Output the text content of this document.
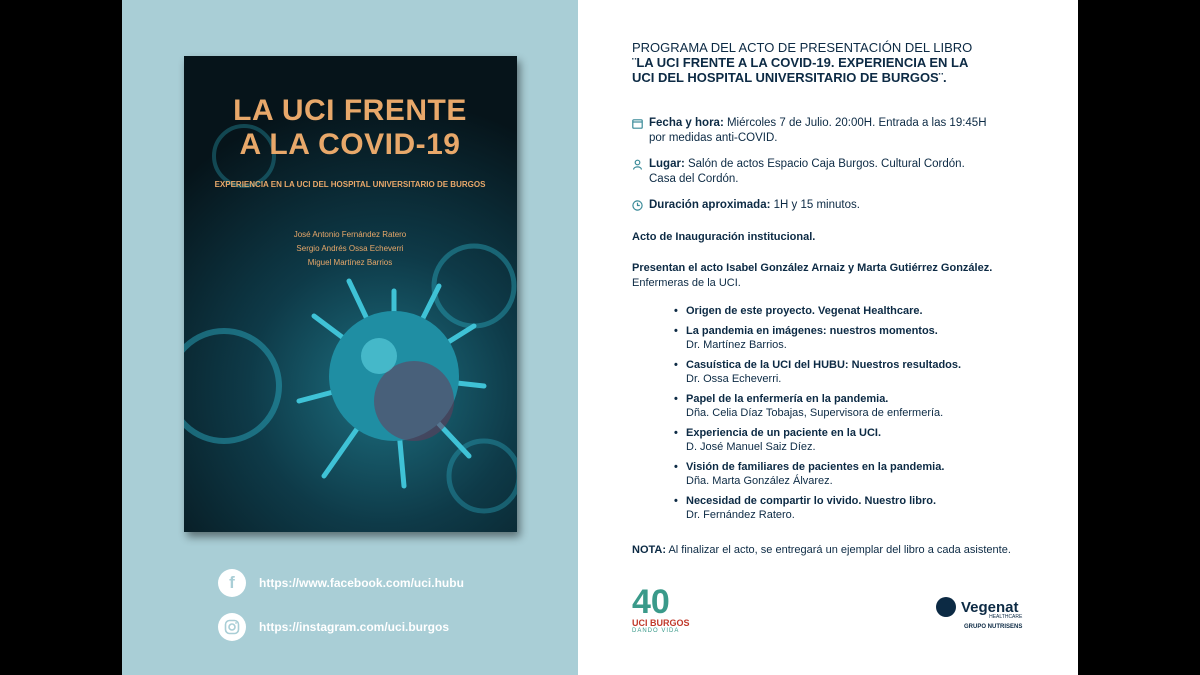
LA UCI FRENTE
A LA COVID-19
EXPERIENCIA EN LA UCI DEL HOSPITAL UNIVERSITARIO DE BURGOS
José Antonio Fernández Ratero
Sergio Andrés Ossa Echeverri
Miguel Martínez Barrios
f	https://www.facebook.com/uci.hubu
https://instagram.com/uci.burgos
PROGRAMA DEL ACTO DE PRESENTACIÓN DEL LIBRO
¨LA UCI FRENTE A LA COVID-19. EXPERIENCIA EN LA
UCI DEL HOSPITAL UNIVERSITARIO DE BURGOS¨.
Fecha y hora: Miércoles 7 de Julio. 20:00H. Entrada a las 19:45H
por medidas anti-COVID.
Lugar: Salón de actos Espacio Caja Burgos. Cultural Cordón.
Casa del Cordón.
Duración aproximada: 1H y 15 minutos.
Acto de Inauguración institucional.
Presentan el acto Isabel González Arnaiz y Marta Gutiérrez González.
Enfermeras de la UCI.
• Origen de este proyecto. Vegenat Healthcare.
• La pandemia en imágenes: nuestros momentos.
Dr. Martínez Barrios.
• Casuística de la UCI del HUBU: Nuestros resultados.
Dr. Ossa Echeverri.
• Papel de la enfermería en la pandemia.
Dña. Celia Díaz Tobajas, Supervisora de enfermería.
• Experiencia de un paciente en la UCI.
D. José Manuel Saiz Díez.
• Visión de familiares de pacientes en la pandemia.
Dña. Marta González Álvarez.
• Necesidad de compartir lo vivido. Nuestro libro.
Dr. Fernández Ratero.
NOTA: Al finalizar el acto, se entregará un ejemplar del libro a cada asistente.
40
UCI BURGOS
DANDO VIDA
Vegenat
HEALTHCARE
GRUPO NUTRISENS
